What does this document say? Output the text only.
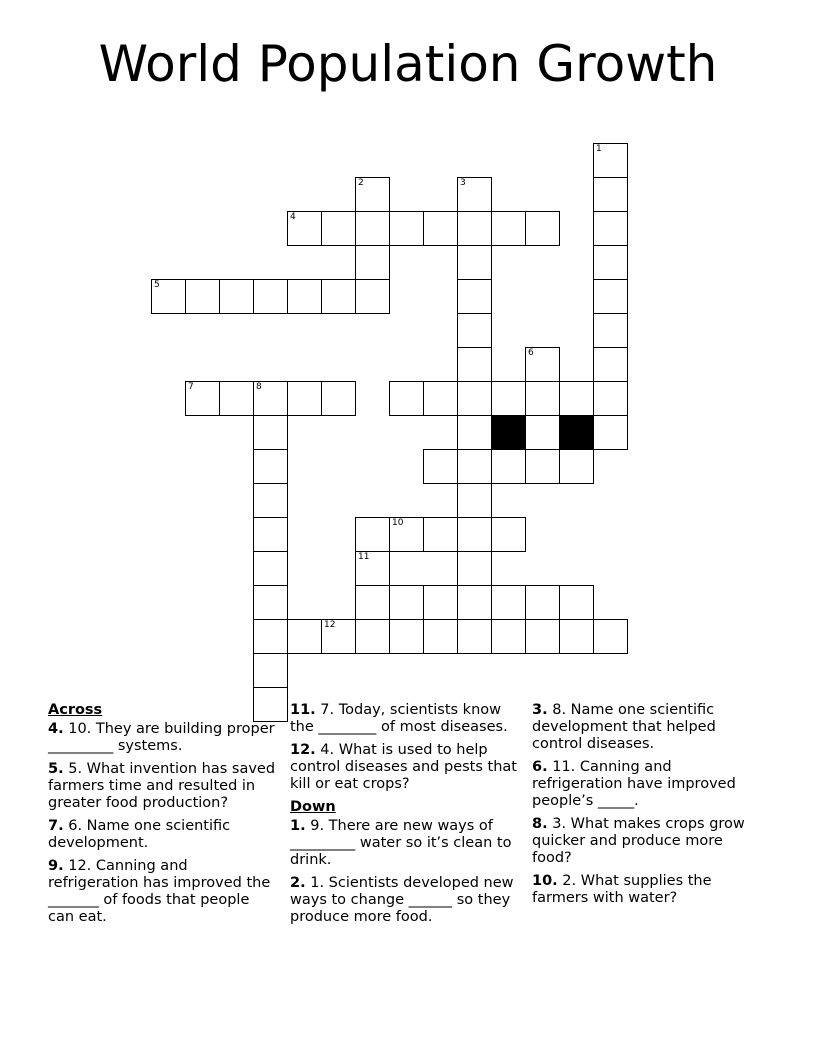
World Population Growth
1
2	3
4
5
6
7	8
10
11
12
Across
4. 10. They are building proper _________ systems.
5. 5. What invention has saved farmers time and resulted in greater food production?
7. 6. Name one scientific development.
9. 12. Canning and refrigeration has improved the _______ of foods that people can eat.
11. 7. Today, scientists know the ________ of most diseases.
12. 4. What is used to help control diseases and pests that kill or eat crops?
Down
1. 9. There are new ways of _________ water so it’s clean to drink.
2. 1. Scientists developed new ways to change ______ so they produce more food.
3. 8. Name one scientific development that helped control diseases.
6. 11. Canning and refrigeration have improved people’s _____.
8. 3. What makes crops grow quicker and produce more food?
10. 2. What supplies the farmers with water?
